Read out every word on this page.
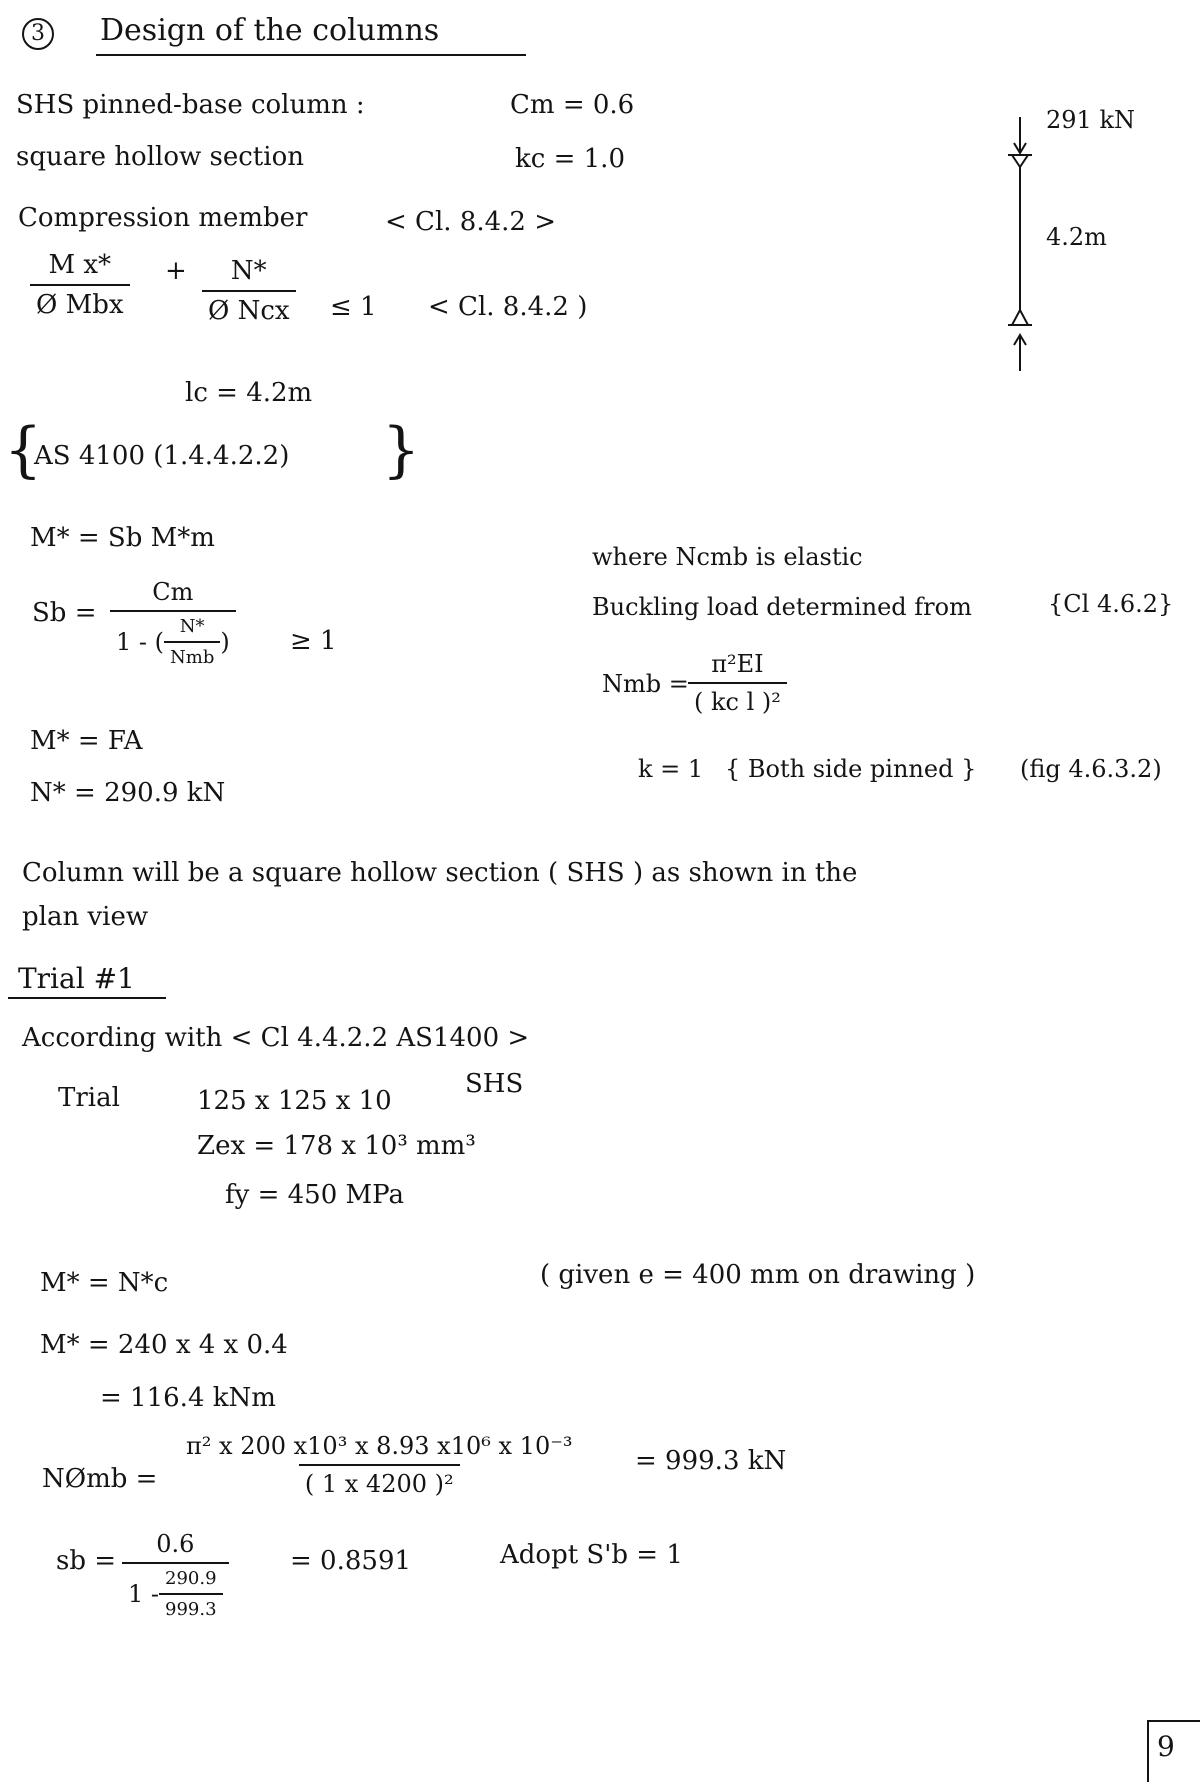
3	Design of the columns
SHS pinned-base column :	Cm = 0.6
square hollow section	kc = 1.0
Compression member	< Cl. 8.4.2 >
M x*
Ø Mbx
+ N*
Ø Ncx ≤ 1 < Cl. 8.4.2 )
lc = 4.2m
{
AS 4100 (1.4.4.2.2) }
M* = Sb M*m
Sb =
Cm
1 - ( $\frac{N*}{\text{Nmb}}$ ) ≥ 1
M* = FA
N* = 290.9 kN
where Ncmb is elastic
Buckling load determined from	{Cl 4.6.2}
Nmb = $\frac{\text{π²EI}}{\text{( kc l )²}}$
k = 1 { Both side pinned } (fig 4.6.3.2)
Column will be a square hollow section ( SHS ) as shown in the
plan view
Trial #1
According with < Cl 4.4.2.2 AS1400 >
Trial	125 x 125 x 10
SHS
Zex = 178 x 10³ mm³
fy = 450 MPa
M* = N*c	( given e = 400 mm on drawing )
M* = 240 x 4 x 0.4
= 116.4 kNm
NØmb = $\frac{\text{π² x 200 x10³ x 8.93 x10⁶ x 10⁻³}}{\text{( 1 x 4200 )²}} = 999.3$ kN
sb = $\frac{0.6}{1 - \frac{290.9}{999.3}} = 0.8591$	Adopt S'b = 1
291 kN
4.2m
9
